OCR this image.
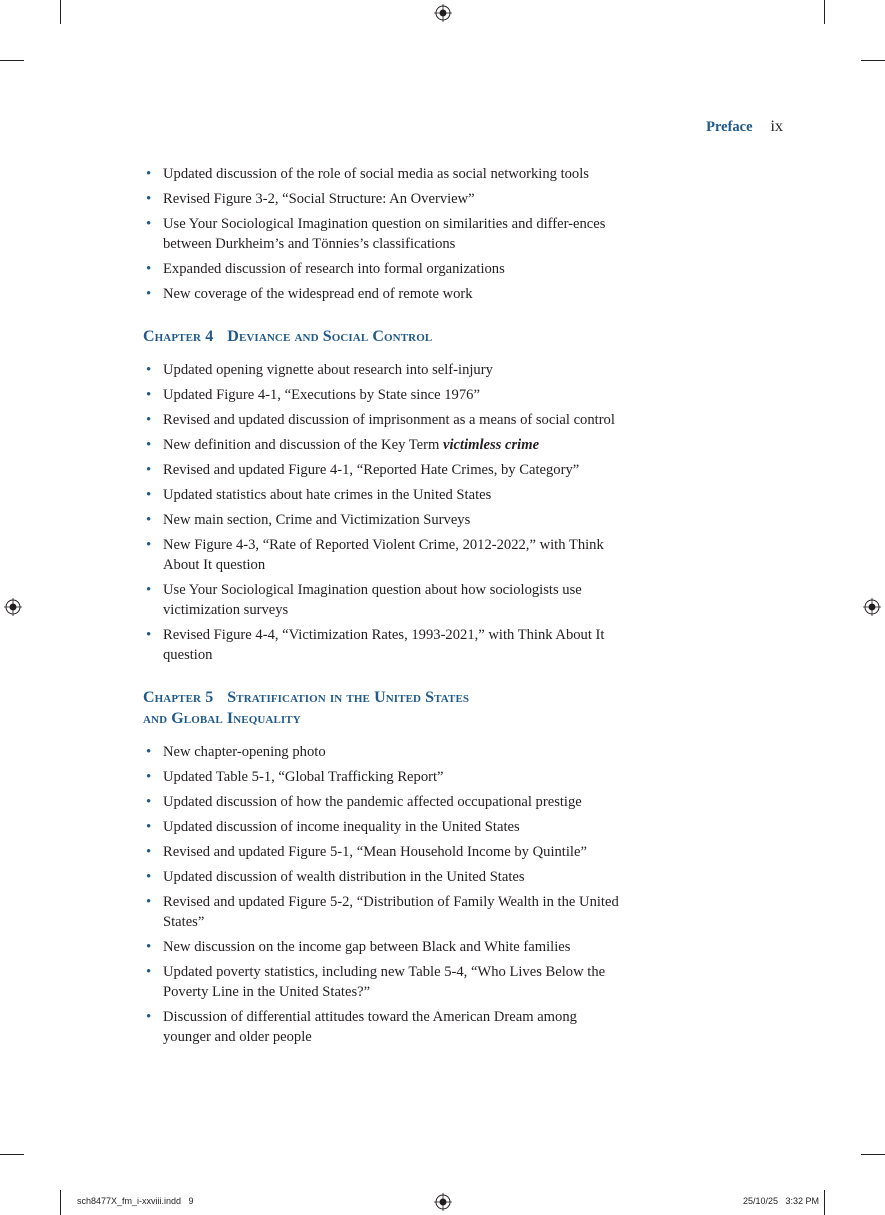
Preface ix
• Updated discussion of the role of social media as social networking tools
• Revised Figure 3-2, “Social Structure: An Overview”
• Use Your Sociological Imagination question on similarities and differ-ences between Durkheim’s and Tönnies’s classifications
• Expanded discussion of research into formal organizations
• New coverage of the widespread end of remote work
Chapter 4 Deviance and Social Control
• Updated opening vignette about research into self-injury
• Updated Figure 4-1, “Executions by State since 1976”
• Revised and updated discussion of imprisonment as a means of social control
• New definition and discussion of the Key Term victimless crime
• Revised and updated Figure 4-1, “Reported Hate Crimes, by Category”
• Updated statistics about hate crimes in the United States
• New main section, Crime and Victimization Surveys
• New Figure 4-3, “Rate of Reported Violent Crime, 2012-2022,” with Think About It question
• Use Your Sociological Imagination question about how sociologists use victimization surveys
• Revised Figure 4-4, “Victimization Rates, 1993-2021,” with Think About It question
Chapter 5 Stratification in the United States
and Global Inequality
• New chapter-opening photo
• Updated Table 5-1, “Global Trafficking Report”
• Updated discussion of how the pandemic affected occupational prestige
• Updated discussion of income inequality in the United States
• Revised and updated Figure 5-1, “Mean Household Income by Quintile”
• Updated discussion of wealth distribution in the United States
• Revised and updated Figure 5-2, “Distribution of Family Wealth in the United States”
• New discussion on the income gap between Black and White families
• Updated poverty statistics, including new Table 5-4, “Who Lives Below the Poverty Line in the United States?”
• Discussion of differential attitudes toward the American Dream among younger and older people
sch8477X_fm_i-xxviii.indd   9	25/10/25   3:32 PM
